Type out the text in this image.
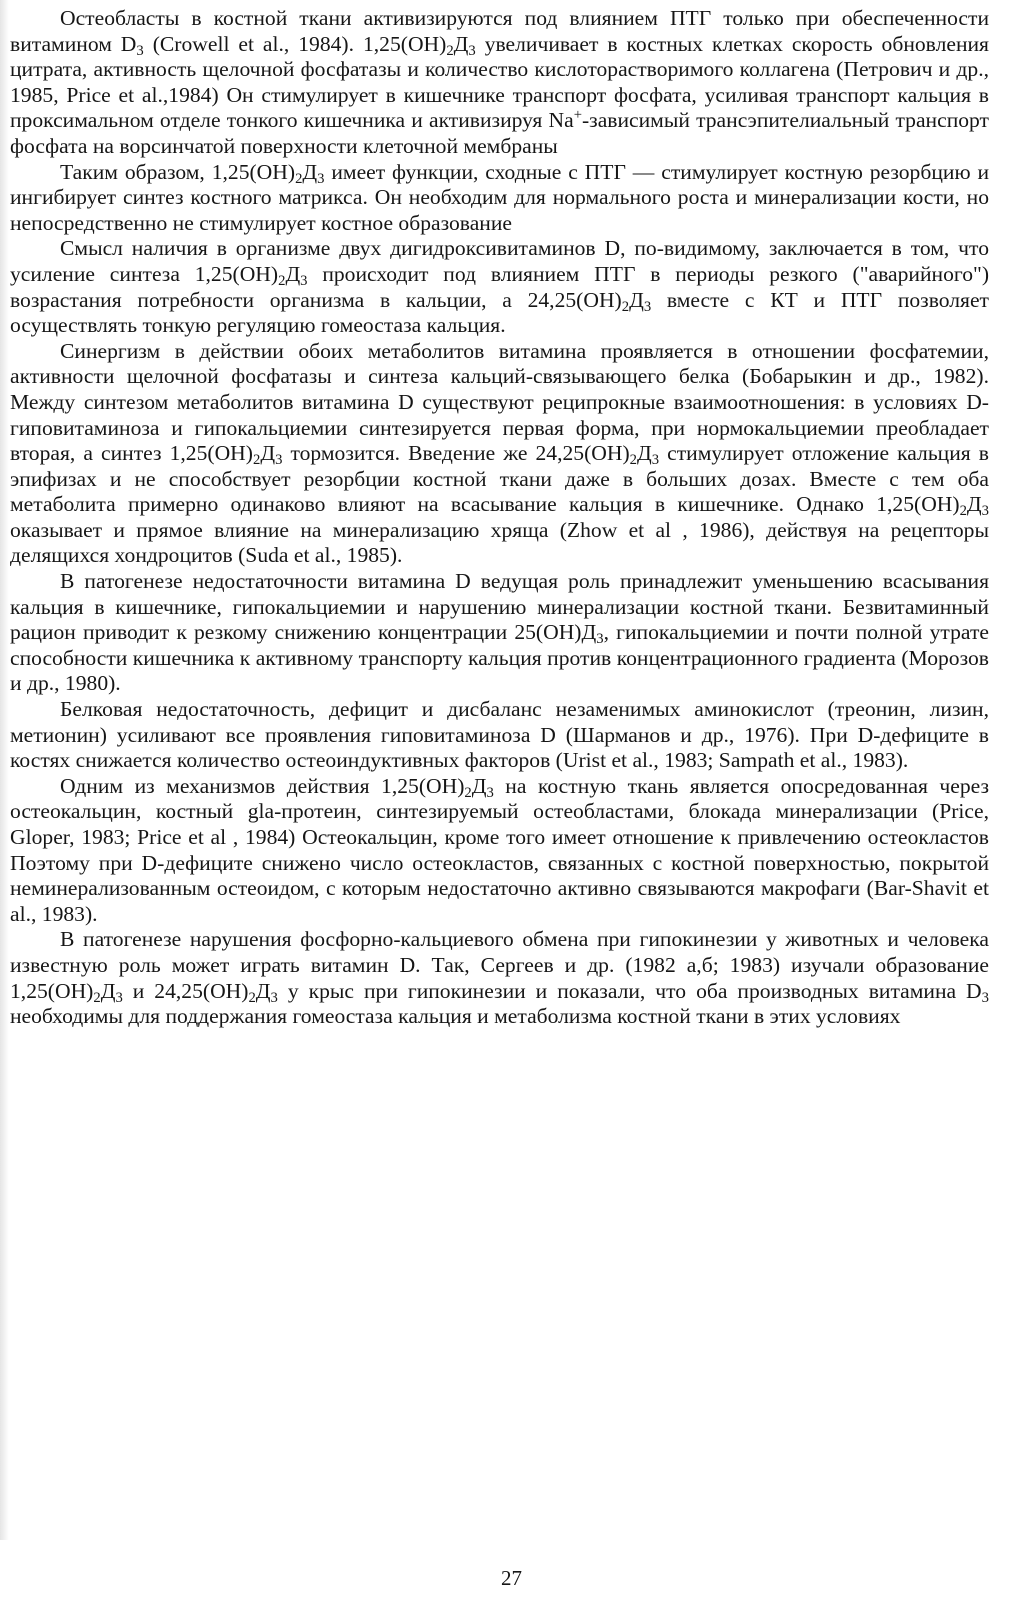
Остеобласты в костной ткани активизируются под влиянием ПТГ только при обеспеченности витамином $D_3$ (Crowell et al., 1984). $1,25(ОН)_2Д_3$ увеличивает в костных клетках скорость обновления цитрата, активность щелочной фосфатазы и количество кислоторастворимого коллагена (Петрович и др., 1985, Price et al.,1984) Он стимулирует в кишечнике транспорт фосфата, усиливая транспорт кальция в проксимальном отделе тонкого кишечника и активизируя Na+-зависимый трансэпителиальный транспорт фосфата на ворсинчатой поверхности клеточной мембраны

Таким образом, $1,25(ОН)_2Д_3$ имеет функции, сходные с ПТГ — стимулирует костную резорбцию и ингибирует синтез костного матрикса. Он необходим для нормального роста и минерализации кости, но непосредственно не стимулирует костное образование

Смысл наличия в организме двух дигидроксивитаминов D, по-видимому, заключается в том, что усиление синтеза $1,25(ОН)_2Д_3$ происходит под влиянием ПТГ в периоды резкого ("аварийного") возрастания потребности организма в кальции, а $24,25(ОН)_2Д_3$ вместе с КТ и ПТГ позволяет осуществлять тонкую регуляцию гомеостаза кальция.

Синергизм в действии обоих метаболитов витамина проявляется в отношении фосфатемии, активности щелочной фосфатазы и синтеза кальций-связывающего белка (Бобарыкин и др., 1982). Между синтезом метаболитов витамина D существуют реципрокные взаимоотношения: в условиях D-гиповитаминоза и гипокальциемии синтезируется первая форма, при нормокальциемии преобладает вторая, а синтез $1,25(ОН)_2Д_3$ тормозится. Введение же $24,25(ОН)_2Д_3$ стимулирует отложение кальция в эпифизах и не способствует резорбции костной ткани даже в больших дозах. Вместе с тем оба метаболита примерно одинаково влияют на всасывание кальция в кишечнике. Однако $1,25(ОН)_2Д_3$ оказывает и прямое влияние на минерализацию хряща (Zhow et al , 1986), действуя на рецепторы делящихся хондроцитов (Suda et al., 1985).

В патогенезе недостаточности витамина D ведущая роль принадлежит уменьшению всасывания кальция в кишечнике, гипокальциемии и нарушению минерализации костной ткани. Безвитаминный рацион приводит к резкому снижению концентрации $25(ОН)Д_3$, гипокальциемии и почти полной утрате способности кишечника к активному транспорту кальция против концентрационного градиента (Морозов и др., 1980).

Белковая недостаточность, дефицит и дисбаланс незаменимых аминокислот (треонин, лизин, метионин) усиливают все проявления гиповитаминоза D (Шарманов и др., 1976). При D-дефиците в костях снижается количество остеоиндуктивных факторов (Urist et al., 1983; Sampath et al., 1983).

Одним из механизмов действия $1,25(ОН)_2Д_3$ на костную ткань является опосредованная через остеокальцин, костный gla-протеин, синтезируемый остеобластами, блокада минерализации (Price, Gloper, 1983; Price et al , 1984) Остеокальцин, кроме того имеет отношение к привлечению остеокластов Поэтому при D-дефиците снижено число остеокластов, связанных с костной поверхностью, покрытой неминерализованным остеоидом, с которым недостаточно активно связываются макрофаги (Bar-Shavit et al., 1983).

В патогенезе нарушения фосфорно-кальциевого обмена при гипокинезии у животных и человека известную роль может играть витамин D. Так, Сергеев и др. (1982 а,б; 1983) изучали образование $1,25(ОН)_2Д_3$ и $24,25(ОН)_2Д_3$ у крыс при гипокинезии и показали, что оба производных витамина $D_3$ необходимы для поддержания гомеостаза кальция и метаболизма костной ткани в этих условиях

27
